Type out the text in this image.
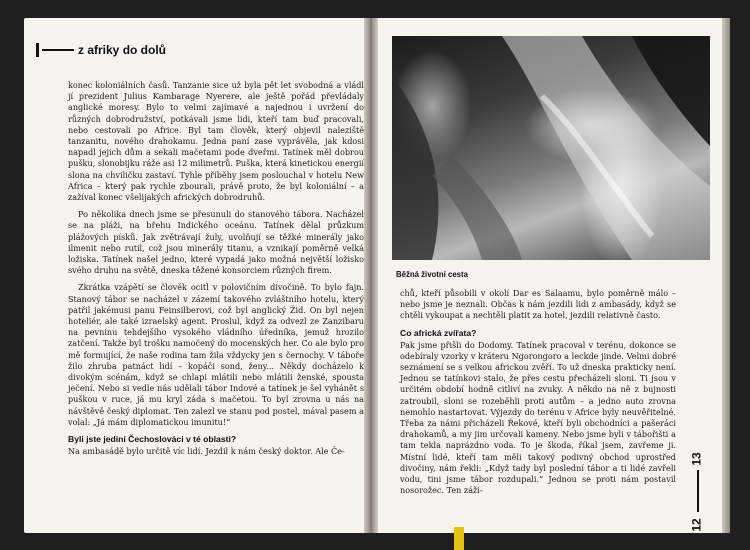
z afriky do dolů

konec koloniálních časů. Tanzanie sice už byla pět let svobodná a vládl jí prezident Julius Kambarage Nyerere, ale ještě pořád převládaly anglické moresy. Bylo to velmi zajímavé a najednou i uvržení do různých dobrodružství, potkávali jsme lidi, kteří tam buď pracovali, nebo cestovali po Africe. Byl tam člověk, který objevil naleziště tanzanitu, nového drahokamu. Jedna paní zase vyprávěla, jak kdosi napadl jejich dům a sekali mačetami pode dveřmi. Tatínek měl dobrou pušku, slonobijku ráže asi 12 milimetrů. Puška, která kinetickou energií slona na chviličku zastaví. Tyhle příběhy jsem poslouchal v hotelu New Africa – který pak rychle zbourali, právě proto, že byl koloniální – a zažíval konec všelijakých afrických dobrodruhů.

Po několika dnech jsme se přesunuli do stanového tábora. Nacházel se na pláži, na břehu Indického oceánu. Tatínek dělal průzkum plážových písků. Jak zvětrávají žuly, uvolňují se těžké minerály jako ilmenit nebo rutil, což jsou minerály titanu, a vznikají poměrně velká ložiska. Tatínek našel jedno, které vypadá jako možná největší ložisko svého druhu na světě, dneska těžené konsorciem různých firem.

Zkrátka vzápětí se člověk ocitl v polovičním divočině. To bylo fajn. Stanový tábor se nacházel v zázemí takového zvláštního hotelu, který patřil jakémusi panu Feinsilberovi, což byl anglický Žid. On byl nejen hoteliér, ale také izraelský agent. Proslul, když za odvezl ze Zanzibaru na pevninu tehdejšího vysokého vládního úředníka, jemuž hrozilo zatčení. Takže byl trošku namočený do mocenských her. Co ale bylo pro mě formující, že naše rodina tam žila vždycky jen s černochy. V táboře žilo zhruba patnáct lidí – kopáči sond, ženy... Někdy docházelo k divokým scénám, když se chlapi mlátili nebo mlátili ženské, spousta ječení. Nebo si vedle nás udělali tábor Indové a tatínek je šel vyhánět s puškou v ruce, já mu kryl záda s mačetou. To byl zrovna u nás na návštěvě český diplomat. Ten zalezl ve stanu pod postel, mával pasem a volal: „Já mám diplomatickou imunitu!“

Byli jste jediní Čechoslováci v té oblasti?

Na ambasádě bylo určitě víc lidí. Jezdil k nám český doktor. Ale Če-

Běžná životní cesta

chů, kteří působili v okolí Dar es Salaamu, bylo poměrně málo – nebo jsme je neznali. Občas k nám jezdili lidi z ambasády, když se chtěli vykoupat a nechtěli platit za hotel, jezdili relativně často.

Co africká zvířata?

Pak jsme přišli do Dodomy. Tatínek pracoval v terénu, dokonce se odebíraly vzorky v kráteru Ngorongoro a leckde jinde. Velmi dobré seznámení se s velkou africkou zvěří. To už dneska prakticky není. Jednou se tatínkovi stalo, že přes cestu přecházeli sloni. Ti jsou v určitém období hodně citliví na zvuky. A někdo na ně z bujnosti zatroubil, sloni se rozeběhli proti autům – a jedno auto zrovna nemohlo nastartovat. Výjezdy do terénu v Africe byly neuvěřitelné. Třeba za námi přicházeli Řekové, kteří byli obchodníci a pašeráci drahokamů, a my jim určovali kameny. Nebo jsme byli v tábořišti a tam tekla naprázdno voda. To je škoda, říkal jsem, zavřeme ji. Místní lidé, kteří tam měli takový podivný obchod uprostřed divočiny, nám řekli: „Když tady byl poslední tábor a ti lidé zavřeli vodu, tini jsme tábor rozdupali.“ Jednou se proti nám postavil nosorožec. Ten záži-

13
12
